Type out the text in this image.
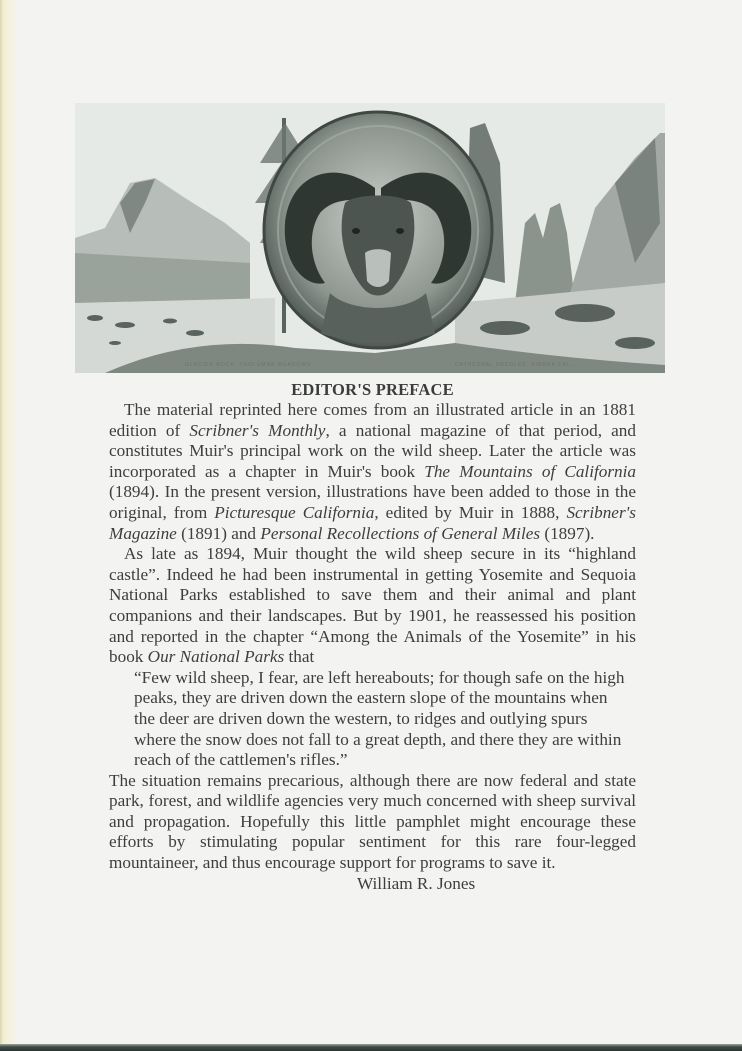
GLACIER ROCK, TUOLUMNE MEADOWS	CATHEDRAL NEEDLES, SIERRA CAL.
EDITOR'S PREFACE

The material reprinted here comes from an illustrated article in an 1881 edition of Scribner's Monthly, a national magazine of that period, and constitutes Muir's principal work on the wild sheep. Later the article was incorporated as a chapter in Muir's book The Mountains of California (1894). In the present version, illustrations have been added to those in the original, from Picturesque California, edited by Muir in 1888, Scribner's Magazine (1891) and Personal Recollections of General Miles (1897).

As late as 1894, Muir thought the wild sheep secure in its “highland castle”. Indeed he had been instrumental in getting Yosemite and Sequoia National Parks established to save them and their animal and plant companions and their landscapes. But by 1901, he reassessed his position and reported in the chapter “Among the Animals of the Yosemite” in his book Our National Parks that

“Few wild sheep, I fear, are left hereabouts; for though safe on the high peaks, they are driven down the eastern slope of the mountains when the deer are driven down the western, to ridges and outlying spurs where the snow does not fall to a great depth, and there they are within reach of the cattlemen's rifles.”

The situation remains precarious, although there are now federal and state park, forest, and wildlife agencies very much concerned with sheep survival and propagation. Hopefully this little pamphlet might encourage these efforts by stimulating popular sentiment for this rare four-legged mountaineer, and thus encourage support for programs to save it.

William R. Jones
